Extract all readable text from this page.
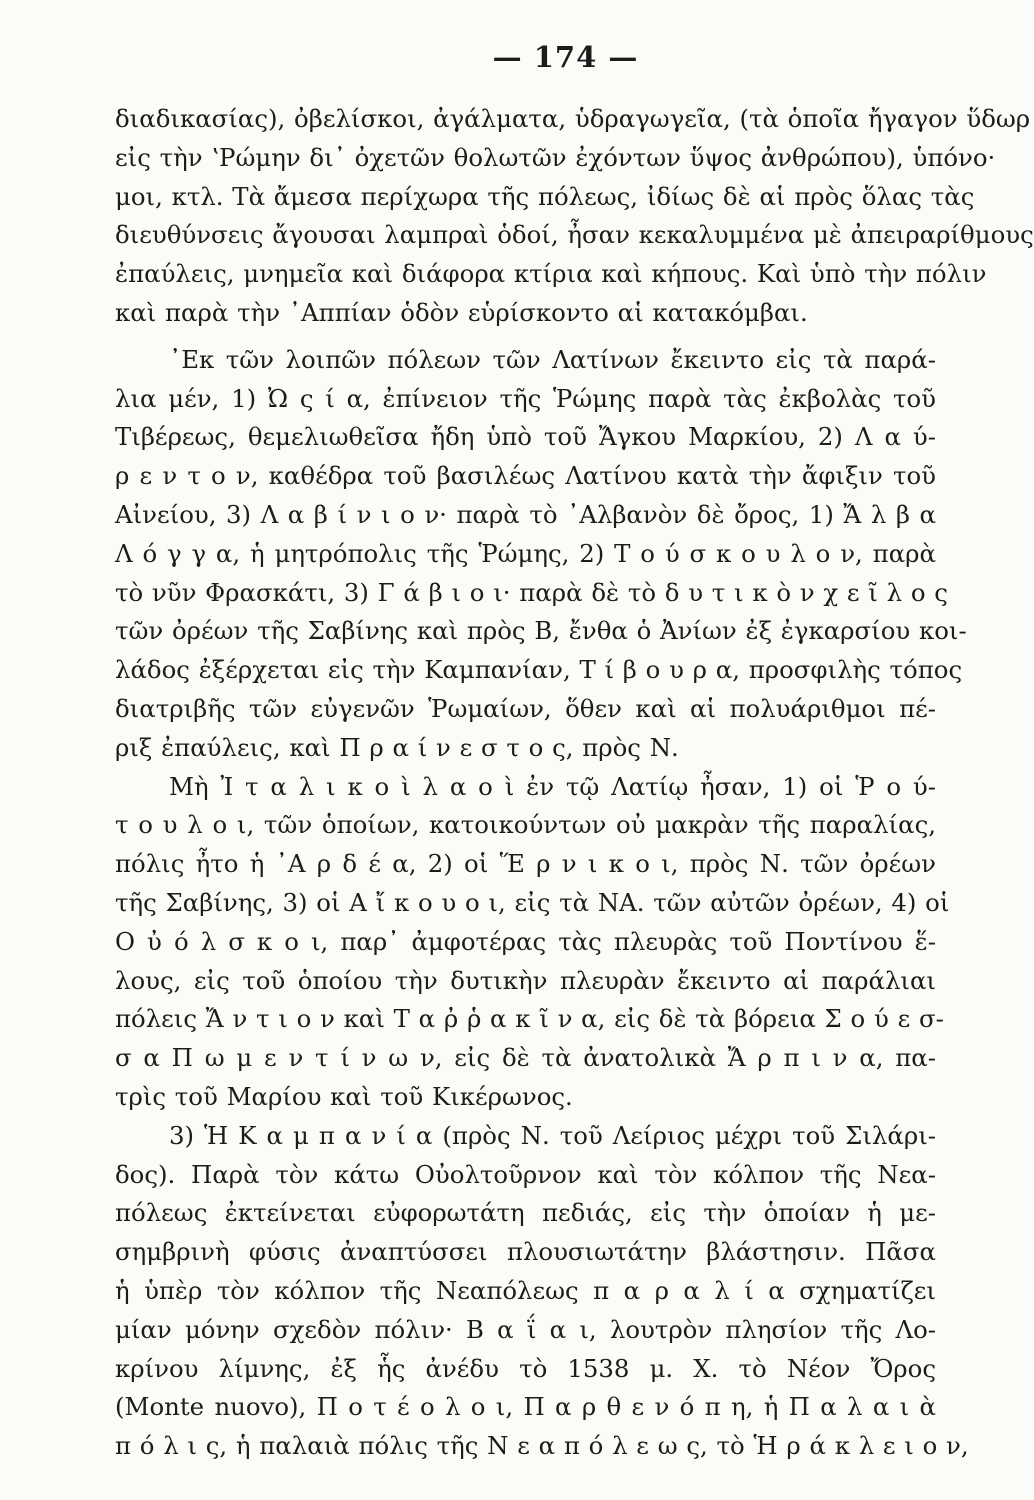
— 174 —
διαδικασίας), ὀβελίσκοι, ἀγάλματα, ὑδραγωγεῖα, (τὰ ὁποῖα ἤγαγον ὕδωρ
εἰς τὴν ʽΡώμην δι᾽ ὀχετῶν θολωτῶν ἐχόντων ὕψος ἀνθρώπου), ὑπόνο·
μοι, κτλ. Τὰ ἄμεσα περίχωρα τῆς πόλεως, ἰδίως δὲ αἱ πρὸς ὅλας τὰς
διευθύνσεις ἄγουσαι λαμπραὶ ὁδοί, ἦσαν κεκαλυμμένα μὲ ἀπειραρίθμους
ἐπαύλεις, μνημεῖα καὶ διάφορα κτίρια καὶ κήπους. Καὶ ὑπὸ τὴν πόλιν
καὶ παρὰ τὴν ᾿Αππίαν ὁδὸν εὑρίσκοντο αἱ κατακόμβαι.
᾿Εκ τῶν λοιπῶν πόλεων τῶν Λατίνων ἔκειντο εἰς τὰ παρά-
λια μέν, 1) Ὠ ς ί α, ἐπίνειον τῆς Ῥώμης παρὰ τὰς ἐκβολὰς τοῦ
Τιβέρεως, θεμελιωθεῖσα ἤδη ὑπὸ τοῦ Ἄγκου Μαρκίου, 2) Λ α ύ-
ρ ε ν τ ο ν, καθέδρα τοῦ βασιλέως Λατίνου κατὰ τὴν ἄφιξιν τοῦ
Αἰνείου, 3) Λ α β ί ν ι ο ν· παρὰ τὸ ᾿Αλβανὸν δὲ ὄρος, 1) Ἄ λ β α
Λ ό γ γ α, ἡ μητρόπολις τῆς Ῥώμης, 2) Τ ο ύ σ κ ο υ λ ο ν, παρὰ
τὸ νῦν Φρασκάτι, 3) Γ ά β ι ο ι· παρὰ δὲ τὸ δ υ τ ι κ ὸ ν χ ε ῖ λ ο ς
τῶν ὀρέων τῆς Σαβίνης καὶ πρὸς Β, ἔνθα ὁ Ἀνίων ἐξ ἐγκαρσίου κοι-
λάδος ἐξέρχεται εἰς τὴν Καμπανίαν, Τ ί β ο υ ρ α, προσφιλὴς τόπος
διατριβῆς τῶν εὐγενῶν Ῥωμαίων, ὅθεν καὶ αἱ πολυάριθμοι πέ-
ριξ ἐπαύλεις, καὶ Π ρ α ί ν ε σ τ ο ς, πρὸς Ν.
Μὴ Ἰ τ α λ ι κ ο ὶ λ α ο ὶ ἐν τῷ Λατίῳ ἦσαν, 1) οἱ Ῥ ο ύ-
τ ο υ λ ο ι, τῶν ὁποίων, κατοικούντων οὐ μακρὰν τῆς παραλίας,
πόλις ἦτο ἡ ᾿Α ρ δ έ α, 2) οἱ Ἕ ρ ν ι κ ο ι, πρὸς Ν. τῶν ὀρέων
τῆς Σαβίνης, 3) οἱ Α ἴ κ ο υ ο ι, εἰς τὰ ΝΑ. τῶν αὐτῶν ὀρέων, 4) οἱ
Ο ὐ ό λ σ κ ο ι, παρ᾽ ἀμφοτέρας τὰς πλευρὰς τοῦ Ποντίνου ἕ-
λους, εἰς τοῦ ὁποίου τὴν δυτικὴν πλευρὰν ἔκειντο αἱ παράλιαι
πόλεις Ἄ ν τ ι ο ν καὶ Τ α ῤ ῥ α κ ῖ ν α, εἰς δὲ τὰ βόρεια Σ ο ύ ε σ-
σ α Π ω μ ε ν τ ί ν ω ν, εἰς δὲ τὰ ἀνατολικὰ Ἄ ρ π ι ν α, πα-
τρὶς τοῦ Μαρίου καὶ τοῦ Κικέρωνος.
3) Ἡ Κ α μ π α ν ί α (πρὸς Ν. τοῦ Λείριος μέχρι τοῦ Σιλάρι-
δος). Παρὰ τὸν κάτω Οὐολτοῦρνον καὶ τὸν κόλπον τῆς Νεα-
πόλεως ἐκτείνεται εὐφορωτάτη πεδιάς, εἰς τὴν ὁποίαν ἡ με-
σημβρινὴ φύσις ἀναπτύσσει πλουσιωτάτην βλάστησιν. Πᾶσα
ἡ ὑπὲρ τὸν κόλπον τῆς Νεαπόλεως π α ρ α λ ί α σχηματίζει
μίαν μόνην σχεδὸν πόλιν· Β α ΐ α ι, λουτρὸν πλησίον τῆς Λο-
κρίνου λίμνης, ἐξ ἧς ἀνέδυ τὸ 1538 μ. Χ. τὸ Νέον Ὄρος
(Monte nuovo), Π ο τ έ ο λ ο ι, Π α ρ θ ε ν ό π η, ἡ Π α λ α ι ὰ
π ό λ ι ς, ἡ παλαιὰ πόλις τῆς Ν ε α π ό λ ε ω ς, τὸ Ἡ ρ ά κ λ ε ι ο ν,
